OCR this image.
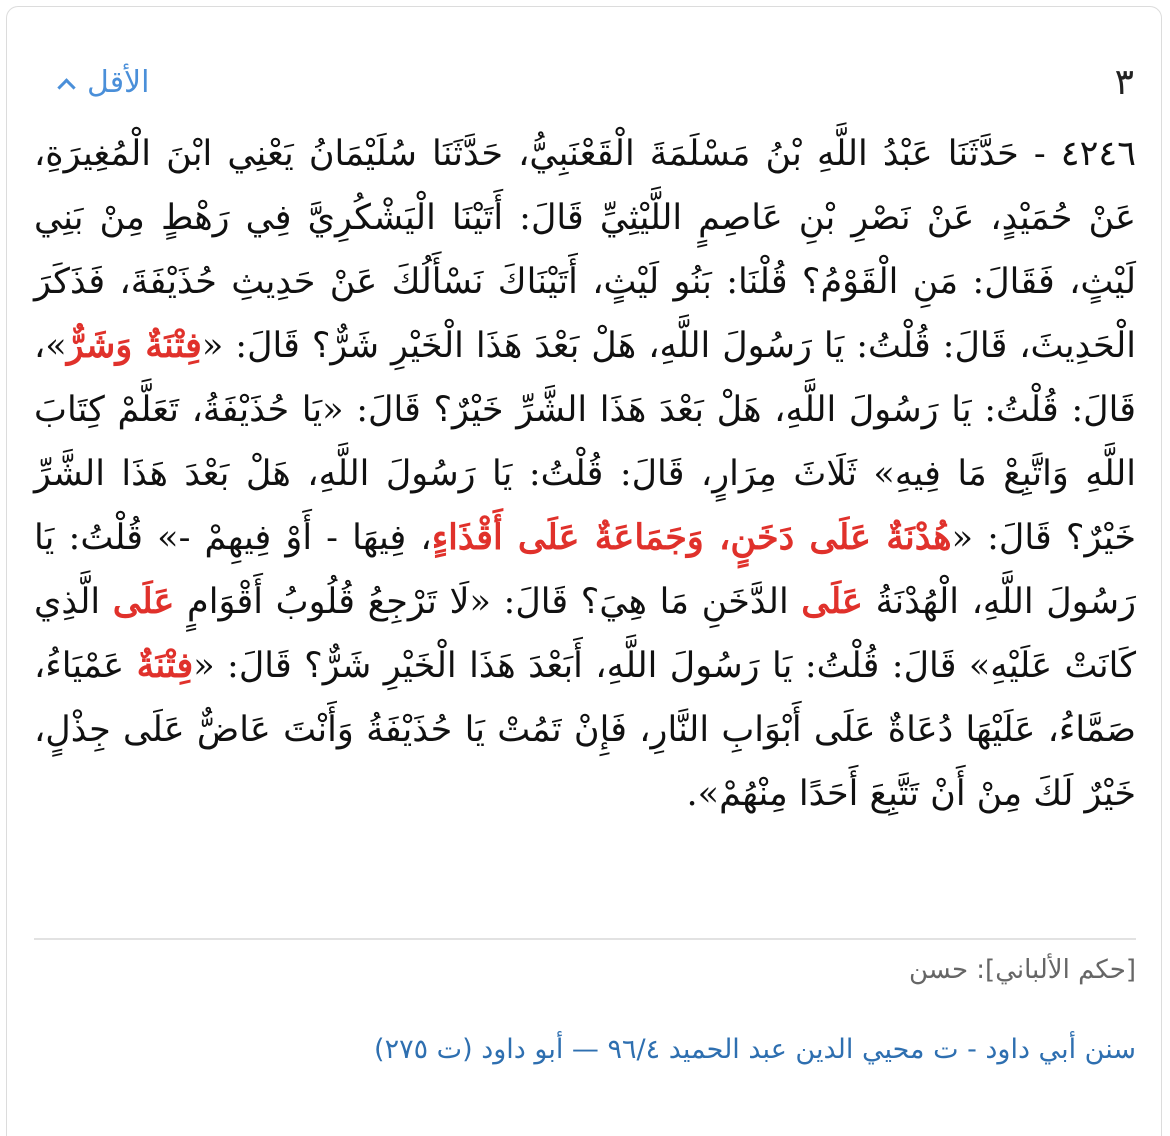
٣
الأقل
٤٢٤٦ - حَدَّثَنَا عَبْدُ اللَّهِ بْنُ مَسْلَمَةَ الْقَعْنَبِيُّ، حَدَّثَنَا سُلَيْمَانُ يَعْنِي ابْنَ الْمُغِيرَةِ، عَنْ حُمَيْدٍ، عَنْ نَصْرِ بْنِ عَاصِمٍ اللَّيْثِيِّ قَالَ: أَتَيْنَا الْيَشْكُرِيَّ فِي رَهْطٍ مِنْ بَنِي لَيْثٍ، فَقَالَ: مَنِ الْقَوْمُ؟ قُلْنَا: بَنُو لَيْثٍ، أَتَيْنَاكَ نَسْأَلُكَ عَنْ حَدِيثِ حُذَيْفَةَ، فَذَكَرَ الْحَدِيثَ، قَالَ: قُلْتُ: يَا رَسُولَ اللَّهِ، هَلْ بَعْدَ هَذَا الْخَيْرِ شَرٌّ؟ قَالَ: «فِتْنَةٌ وَشَرٌّ»، قَالَ: قُلْتُ: يَا رَسُولَ اللَّهِ، هَلْ بَعْدَ هَذَا الشَّرِّ خَيْرٌ؟ قَالَ: «يَا حُذَيْفَةُ، تَعَلَّمْ كِتَابَ اللَّهِ وَاتَّبِعْ مَا فِيهِ» ثَلَاثَ مِرَارٍ، قَالَ: قُلْتُ: يَا رَسُولَ اللَّهِ، هَلْ بَعْدَ هَذَا الشَّرِّ خَيْرٌ؟ قَالَ: «هُدْنَةٌ عَلَى دَخَنٍ، وَجَمَاعَةٌ عَلَى أَقْذَاءٍ، فِيهَا - أَوْ فِيهِمْ -» قُلْتُ: يَا رَسُولَ اللَّهِ، الْهُدْنَةُ عَلَى الدَّخَنِ مَا هِيَ؟ قَالَ: «لَا تَرْجِعُ قُلُوبُ أَقْوَامٍ عَلَى الَّذِي كَانَتْ عَلَيْهِ» قَالَ: قُلْتُ: يَا رَسُولَ اللَّهِ، أَبَعْدَ هَذَا الْخَيْرِ شَرٌّ؟ قَالَ: «فِتْنَةٌ عَمْيَاءُ، صَمَّاءُ، عَلَيْهَا دُعَاةٌ عَلَى أَبْوَابِ النَّارِ، فَإِنْ تَمُتْ يَا حُذَيْفَةُ وَأَنْتَ عَاضٌّ عَلَى جِذْلٍ، خَيْرٌ لَكَ مِنْ أَنْ تَتَّبِعَ أَحَدًا مِنْهُمْ».
[حكم الألباني]: حسن
سنن أبي داود - ت محيي الدين عبد الحميد ٩٦/٤ — أبو داود (ت ٢٧٥)
